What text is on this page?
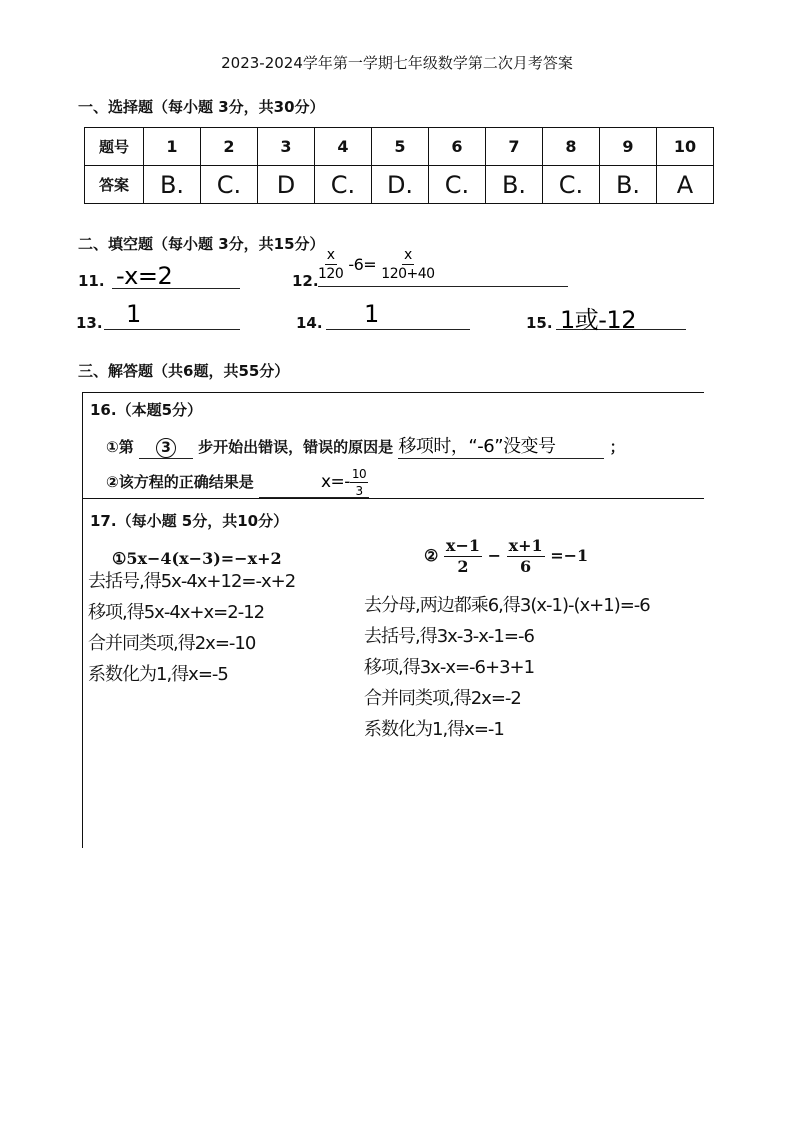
2023-2024学年第一学期七年级数学第二次月考答案
一、选择题（每小题 3分，共30分）
题号	1	2	3	4	5	6	7	8	9	10
答案	B.	C.	D	C.	D.	C.	B.	C.	B.	A
二、填空题（每小题 3分，共15分）
11. -x=2	12. $\frac{x}{120} -6= \frac{x}{120+40}$
13. 1	14.	1	15. 1或-12
三、解答题（共6题，共55分）
16.（本题5分）
①第 3 步开始出错误，错误的原因是 移项时，“-6”没变号	；
②该方程的正确结果是	$x=- \frac{10}{3}$
17.（每小题 5分，共10分）
①5x−4(x−3)=−x+2	② $\frac{x-1}{2} - \frac{x+1}{6} =-1$
去括号,得5x-4x+12=-x+2
移项,得5x-4x+x=2-12
合并同类项,得2x=-10
系数化为1,得x=-5
去分母,两边都乘6,得3(x-1)-(x+1)=-6
去括号,得3x-3-x-1=-6
移项,得3x-x=-6+3+1
合并同类项,得2x=-2
系数化为1,得x=-1
